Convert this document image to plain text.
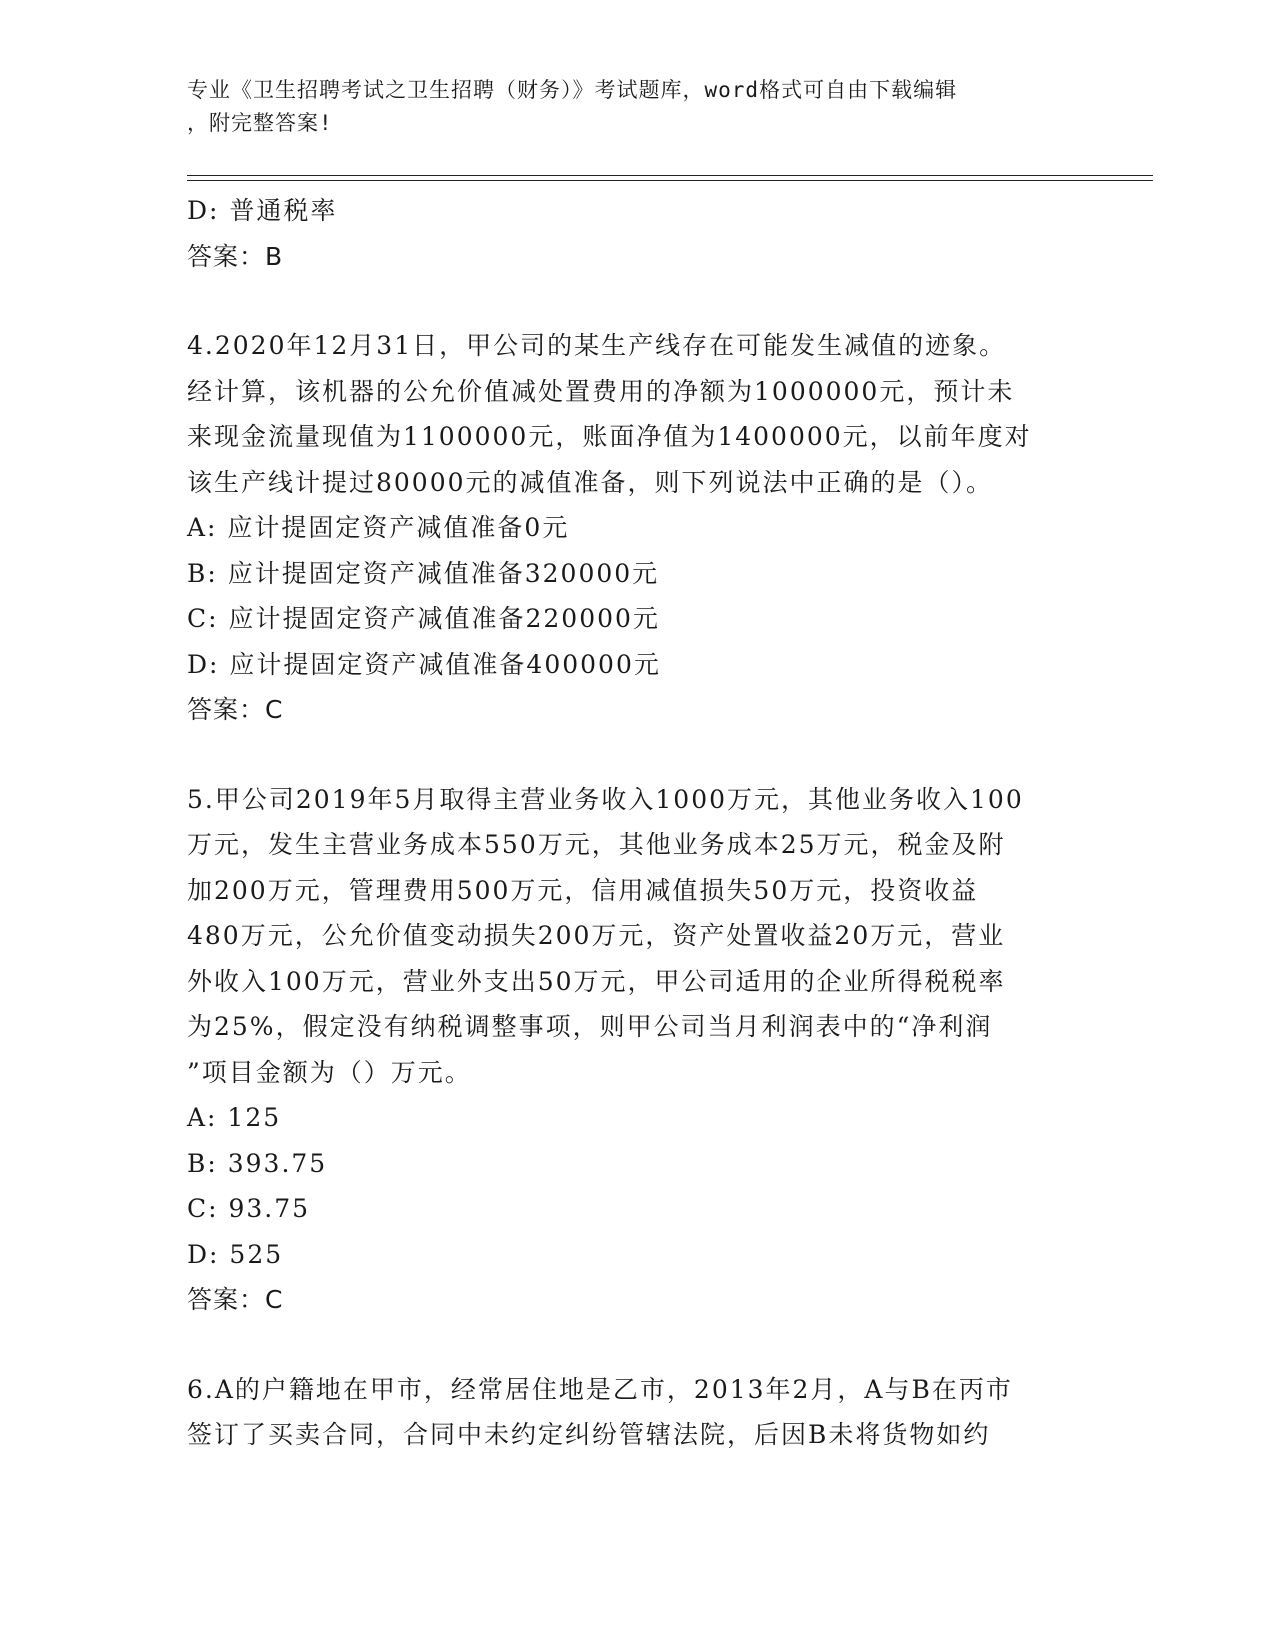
专业《卫生招聘考试之卫生招聘（财务）》考试题库，word格式可自由下载编辑
，附完整答案!
D: 普通税率
答案：B
4.2020年12月31日，甲公司的某生产线存在可能发生减值的迹象。
经计算，该机器的公允价值减处置费用的净额为1000000元，预计未
来现金流量现值为1100000元，账面净值为1400000元，以前年度对
该生产线计提过80000元的减值准备，则下列说法中正确的是（）。
A: 应计提固定资产减值准备0元
B: 应计提固定资产减值准备320000元
C: 应计提固定资产减值准备220000元
D: 应计提固定资产减值准备400000元
答案：C
5.甲公司2019年5月取得主营业务收入1000万元，其他业务收入100
万元，发生主营业务成本550万元，其他业务成本25万元，税金及附
加200万元，管理费用500万元，信用减值损失50万元，投资收益
480万元，公允价值变动损失200万元，资产处置收益20万元，营业
外收入100万元，营业外支出50万元，甲公司适用的企业所得税税率
为25%，假定没有纳税调整事项，则甲公司当月利润表中的“净利润
”项目金额为（）万元。
A: 125
B: 393.75
C: 93.75
D: 525
答案：C
6.A的户籍地在甲市，经常居住地是乙市，2013年2月，A与B在丙市
签订了买卖合同，合同中未约定纠纷管辖法院，后因B未将货物如约
